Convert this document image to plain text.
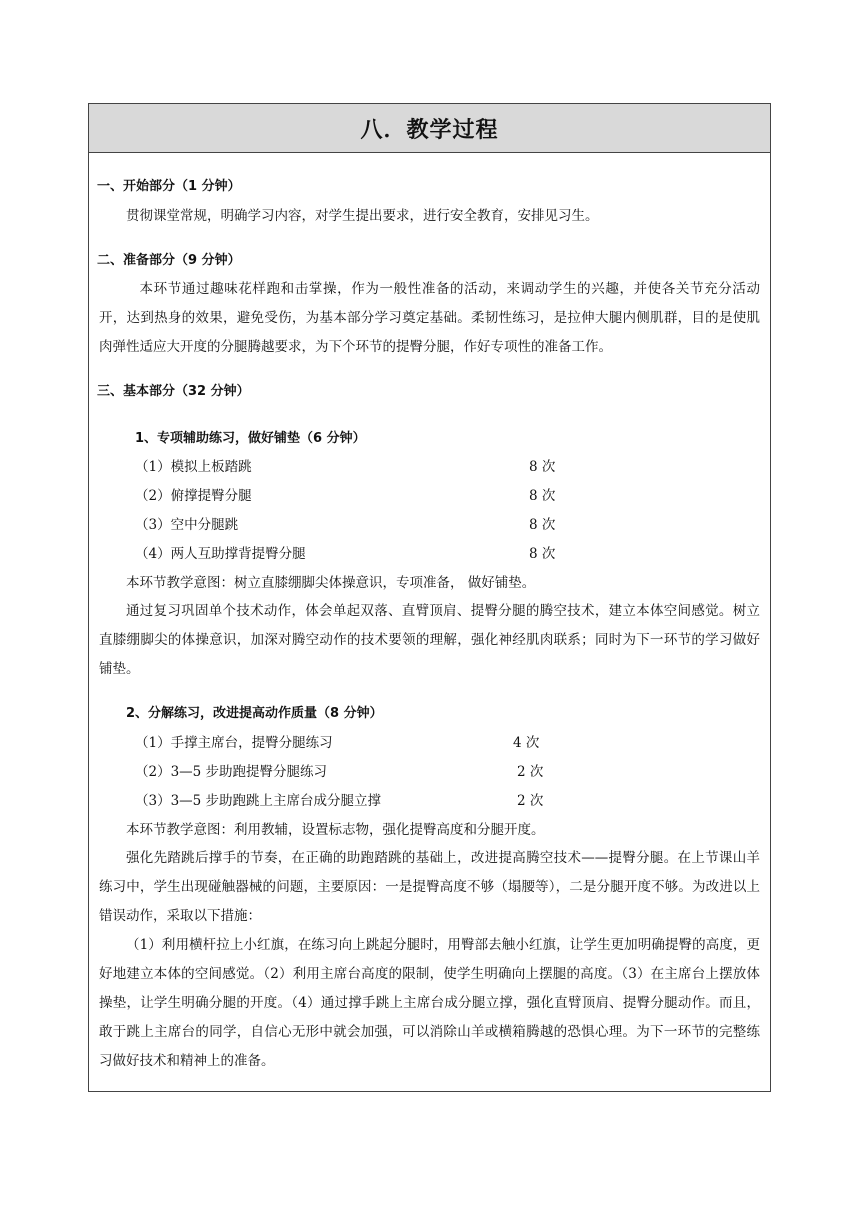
八．教学过程
一、开始部分（1 分钟）
贯彻课堂常规，明确学习内容，对学生提出要求，进行安全教育，安排见习生。
二、准备部分（9 分钟）
本环节通过趣味花样跑和击掌操，作为一般性准备的活动，来调动学生的兴趣，并使各关节充分活动开，达到热身的效果，避免受伤，为基本部分学习奠定基础。柔韧性练习，是拉伸大腿内侧肌群，目的是使肌肉弹性适应大开度的分腿腾越要求，为下个环节的提臀分腿，作好专项性的准备工作。
三、基本部分（32 分钟）
1、专项辅助练习，做好铺垫（6 分钟）
（1）模拟上板踏跳	8 次
（2）俯撑提臀分腿	8 次
（3）空中分腿跳	8 次
（4）两人互助撑背提臀分腿	8 次
本环节教学意图：树立直膝绷脚尖体操意识，专项准备， 做好铺垫。
通过复习巩固单个技术动作，体会单起双落、直臂顶肩、提臀分腿的腾空技术，建立本体空间感觉。树立直膝绷脚尖的体操意识，加深对腾空动作的技术要领的理解，强化神经肌肉联系；同时为下一环节的学习做好铺垫。
2、分解练习，改进提高动作质量（8 分钟）
（1）手撑主席台，提臀分腿练习	4 次
（2）3—5 步助跑提臀分腿练习	2 次
（3）3—5 步助跑跳上主席台成分腿立撑	2 次
本环节教学意图：利用教辅，设置标志物，强化提臀高度和分腿开度。
强化先踏跳后撑手的节奏，在正确的助跑踏跳的基础上，改进提高腾空技术——提臀分腿。在上节课山羊练习中，学生出现碰触器械的问题，主要原因：一是提臀高度不够（塌腰等），二是分腿开度不够。为改进以上错误动作，采取以下措施：
（1）利用横杆拉上小红旗，在练习向上跳起分腿时，用臀部去触小红旗，让学生更加明确提臀的高度，更好地建立本体的空间感觉。（2）利用主席台高度的限制，使学生明确向上摆腿的高度。（3）在主席台上摆放体操垫，让学生明确分腿的开度。（4）通过撑手跳上主席台成分腿立撑，强化直臂顶肩、提臀分腿动作。而且，敢于跳上主席台的同学，自信心无形中就会加强，可以消除山羊或横箱腾越的恐惧心理。为下一环节的完整练习做好技术和精神上的准备。
